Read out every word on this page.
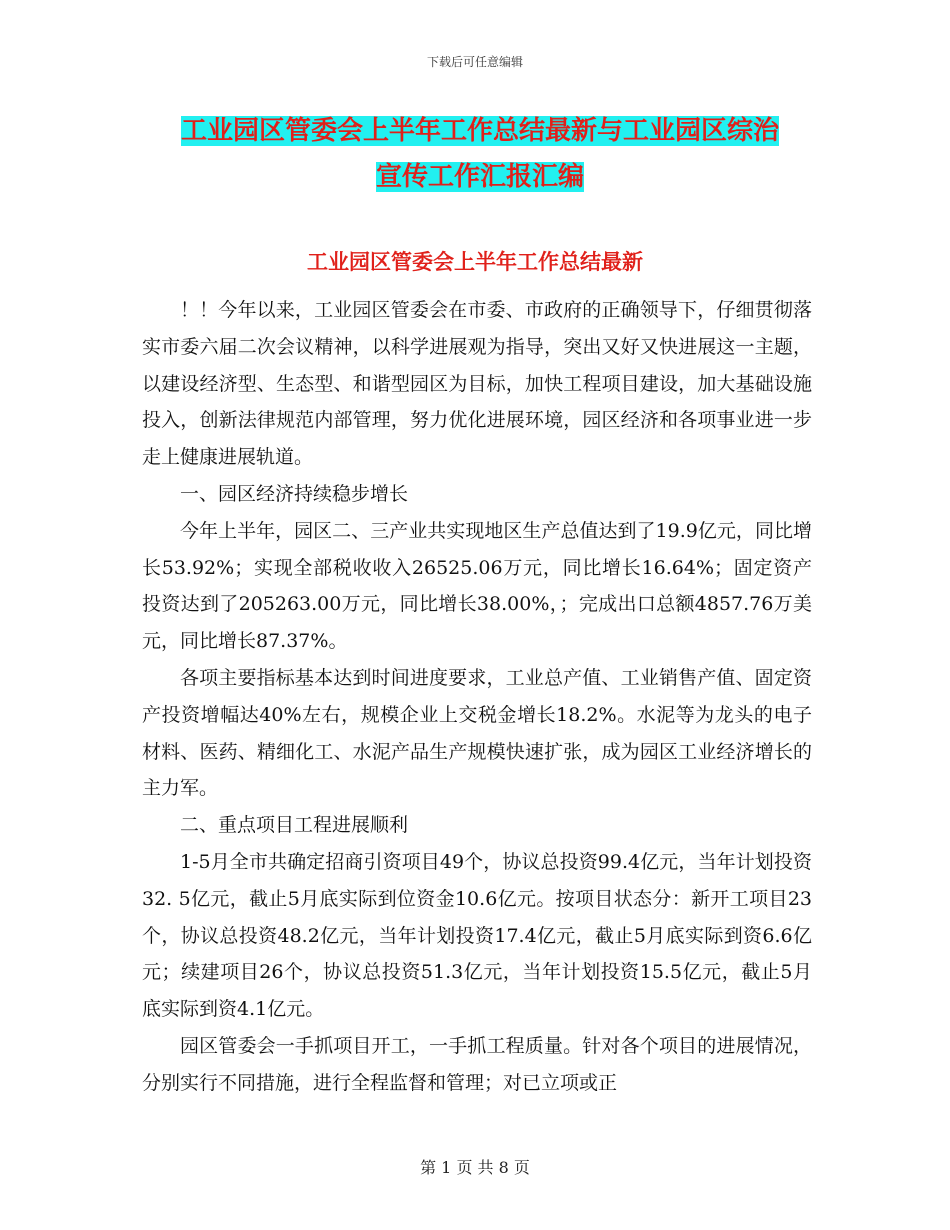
下载后可任意编辑
工业园区管委会上半年工作总结最新与工业园区综治
宣传工作汇报汇编
工业园区管委会上半年工作总结最新

！！今年以来，工业园区管委会在市委、市政府的正确领导下，仔细贯彻落实市委六届二次会议精神，以科学进展观为指导，突出又好又快进展这一主题，以建设经济型、生态型、和谐型园区为目标，加快工程项目建设，加大基础设施投入，创新法律规范内部管理，努力优化进展环境，园区经济和各项事业进一步走上健康进展轨道。

一、园区经济持续稳步增长

今年上半年，园区二、三产业共实现地区生产总值达到了19.9亿元，同比增长53.92%；实现全部税收收入26525.06万元，同比增长16.64%；固定资产投资达到了205263.00万元，同比增长38.00%，；完成出口总额4857.76万美元，同比增长87.37%。

各项主要指标基本达到时间进度要求，工业总产值、工业销售产值、固定资产投资增幅达40%左右，规模企业上交税金增长18.2%。水泥等为龙头的电子材料、医药、精细化工、水泥产品生产规模快速扩张，成为园区工业经济增长的主力军。

二、重点项目工程进展顺利

1-5月全市共确定招商引资项目49个，协议总投资99.4亿元，当年计划投资32. 5亿元，截止5月底实际到位资金10.6亿元。按项目状态分：新开工项目23个，协议总投资48.2亿元，当年计划投资17.4亿元，截止5月底实际到资6.6亿元；续建项目26个，协议总投资51.3亿元，当年计划投资15.5亿元，截止5月底实际到资4.1亿元。

园区管委会一手抓项目开工，一手抓工程质量。针对各个项目的进展情况，分别实行不同措施，进行全程监督和管理；对已立项或正

第 1 页 共 8 页
